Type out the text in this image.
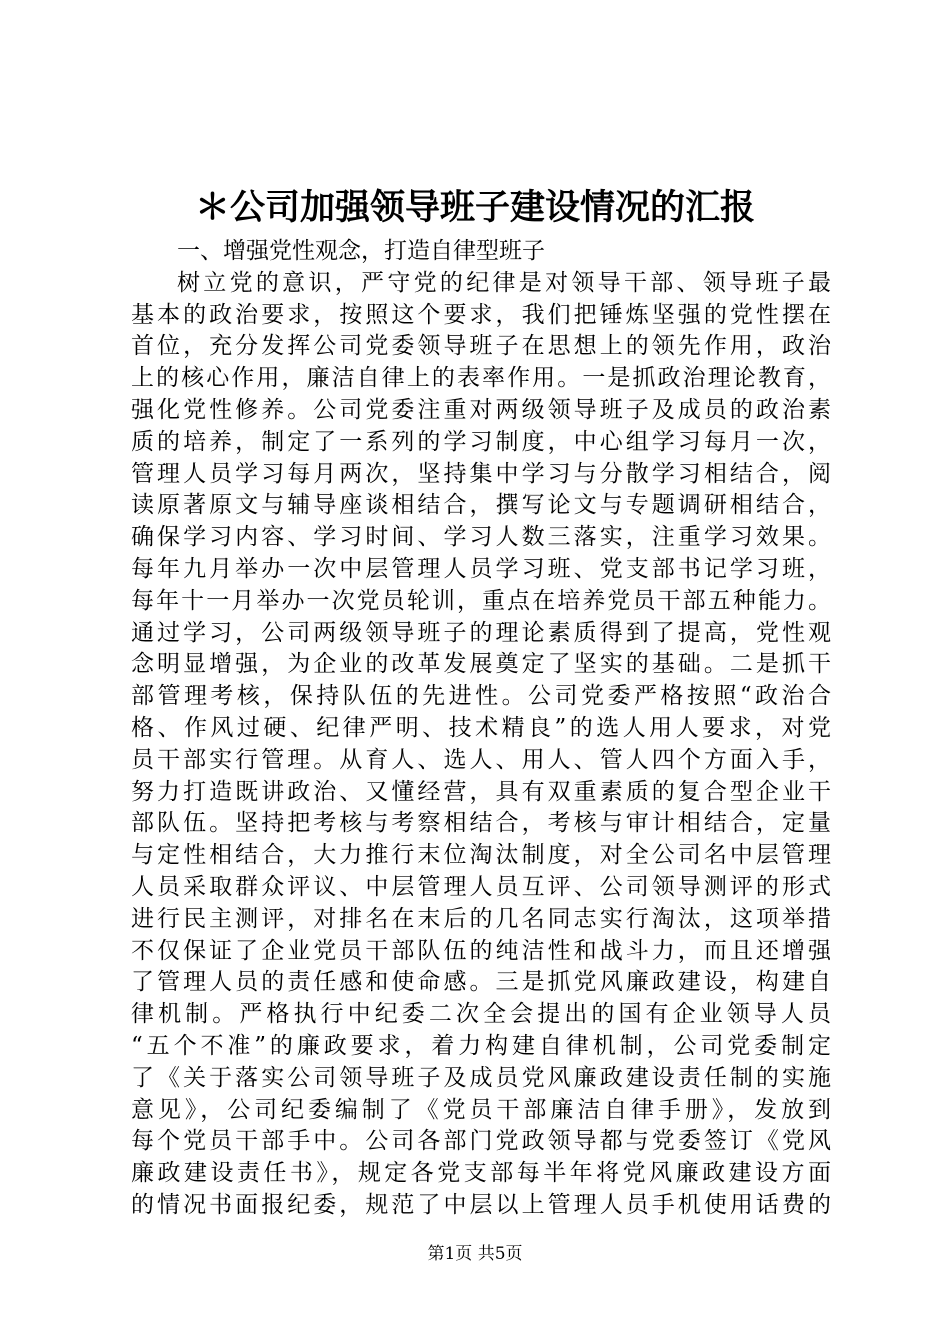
＊公司加强领导班子建设情况的汇报
一、增强党性观念，打造自律型班子
树立党的意识，严守党的纪律是对领导干部、领导班子最
基本的政治要求，按照这个要求，我们把锤炼坚强的党性摆在
首位，充分发挥公司党委领导班子在思想上的领先作用，政治
上的核心作用，廉洁自律上的表率作用。一是抓政治理论教育，
强化党性修养。公司党委注重对两级领导班子及成员的政治素
质的培养，制定了一系列的学习制度，中心组学习每月一次，
管理人员学习每月两次，坚持集中学习与分散学习相结合，阅
读原著原文与辅导座谈相结合，撰写论文与专题调研相结合，
确保学习内容、学习时间、学习人数三落实，注重学习效果。
每年九月举办一次中层管理人员学习班、党支部书记学习班，
每年十一月举办一次党员轮训，重点在培养党员干部五种能力。
通过学习，公司两级领导班子的理论素质得到了提高，党性观
念明显增强，为企业的改革发展奠定了坚实的基础。二是抓干
部管理考核，保持队伍的先进性。公司党委严格按照“政治合
格、作风过硬、纪律严明、技术精良”的选人用人要求，对党
员干部实行管理。从育人、选人、用人、管人四个方面入手，
努力打造既讲政治、又懂经营，具有双重素质的复合型企业干
部队伍。坚持把考核与考察相结合，考核与审计相结合，定量
与定性相结合，大力推行末位淘汰制度，对全公司名中层管理
人员采取群众评议、中层管理人员互评、公司领导测评的形式
进行民主测评，对排名在末后的几名同志实行淘汰，这项举措
不仅保证了企业党员干部队伍的纯洁性和战斗力，而且还增强
了管理人员的责任感和使命感。三是抓党风廉政建设，构建自
律机制。严格执行中纪委二次全会提出的国有企业领导人员
“五个不准”的廉政要求，着力构建自律机制，公司党委制定
了《关于落实公司领导班子及成员党风廉政建设责任制的实施
意见》，公司纪委编制了《党员干部廉洁自律手册》，发放到
每个党员干部手中。公司各部门党政领导都与党委签订《党风
廉政建设责任书》，规定各党支部每半年将党风廉政建设方面
的情况书面报纪委，规范了中层以上管理人员手机使用话费的
第1页 共5页
